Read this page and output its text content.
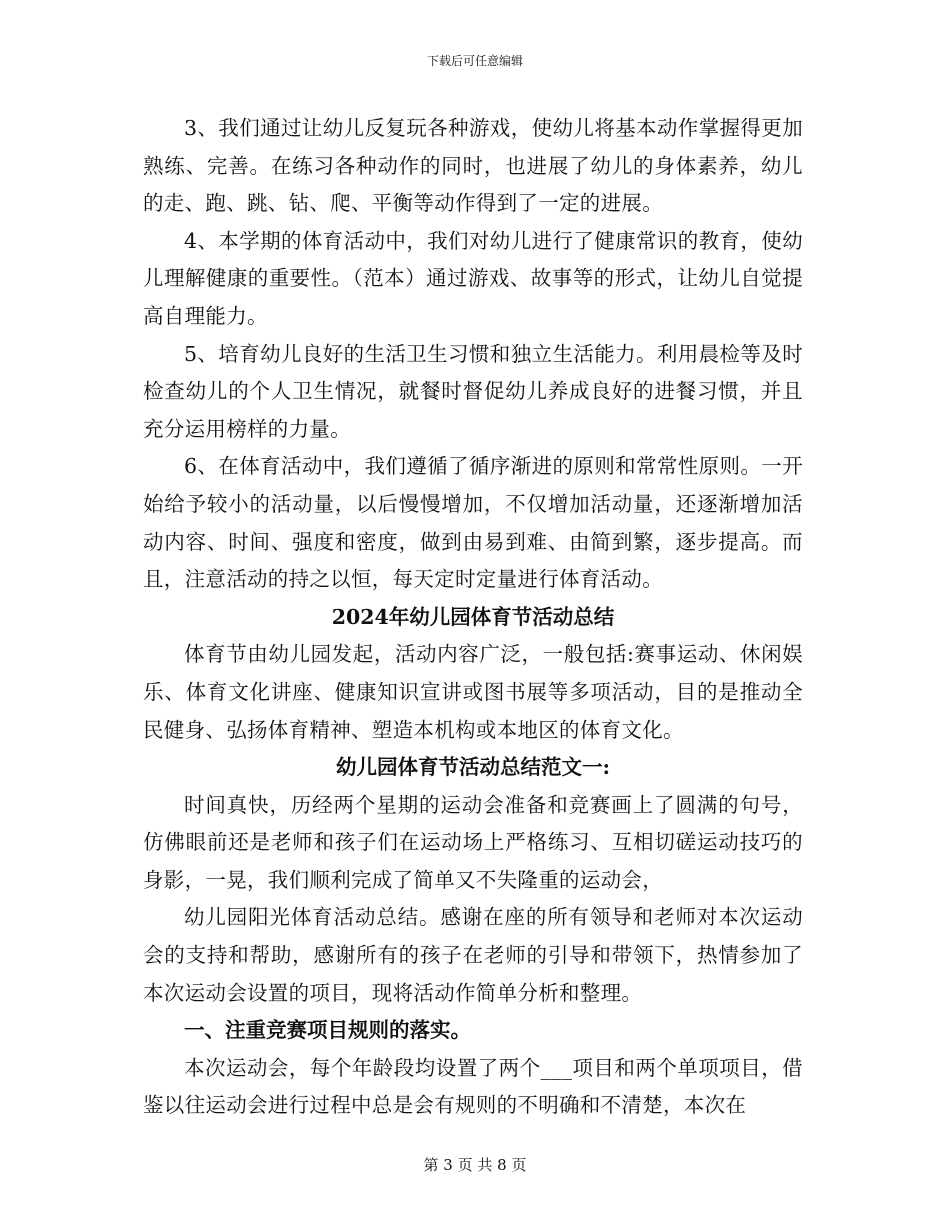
下载后可任意编辑

3、我们通过让幼儿反复玩各种游戏，使幼儿将基本动作掌握得更加熟练、完善。在练习各种动作的同时，也进展了幼儿的身体素养，幼儿的走、跑、跳、钻、爬、平衡等动作得到了一定的进展。

4、本学期的体育活动中，我们对幼儿进行了健康常识的教育，使幼儿理解健康的重要性。（范本）通过游戏、故事等的形式，让幼儿自觉提高自理能力。

5、培育幼儿良好的生活卫生习惯和独立生活能力。利用晨检等及时检查幼儿的个人卫生情况，就餐时督促幼儿养成良好的进餐习惯，并且充分运用榜样的力量。

6、在体育活动中，我们遵循了循序渐进的原则和常常性原则。一开始给予较小的活动量，以后慢慢增加，不仅增加活动量，还逐渐增加活动内容、时间、强度和密度，做到由易到难、由简到繁，逐步提高。而且，注意活动的持之以恒，每天定时定量进行体育活动。

2024年幼儿园体育节活动总结

体育节由幼儿园发起，活动内容广泛，一般包括:赛事运动、休闲娱乐、体育文化讲座、健康知识宣讲或图书展等多项活动，目的是推动全民健身、弘扬体育精神、塑造本机构或本地区的体育文化。

幼儿园体育节活动总结范文一:

时间真快，历经两个星期的运动会准备和竞赛画上了圆满的句号，仿佛眼前还是老师和孩子们在运动场上严格练习、互相切磋运动技巧的身影，一晃，我们顺利完成了简单又不失隆重的运动会，

幼儿园阳光体育活动总结。感谢在座的所有领导和老师对本次运动会的支持和帮助，感谢所有的孩子在老师的引导和带领下，热情参加了本次运动会设置的项目，现将活动作简单分析和整理。

一、注重竞赛项目规则的落实。

本次运动会，每个年龄段均设置了两个___项目和两个单项项目，借鉴以往运动会进行过程中总是会有规则的不明确和不清楚，本次在

第 3 页 共 8 页
